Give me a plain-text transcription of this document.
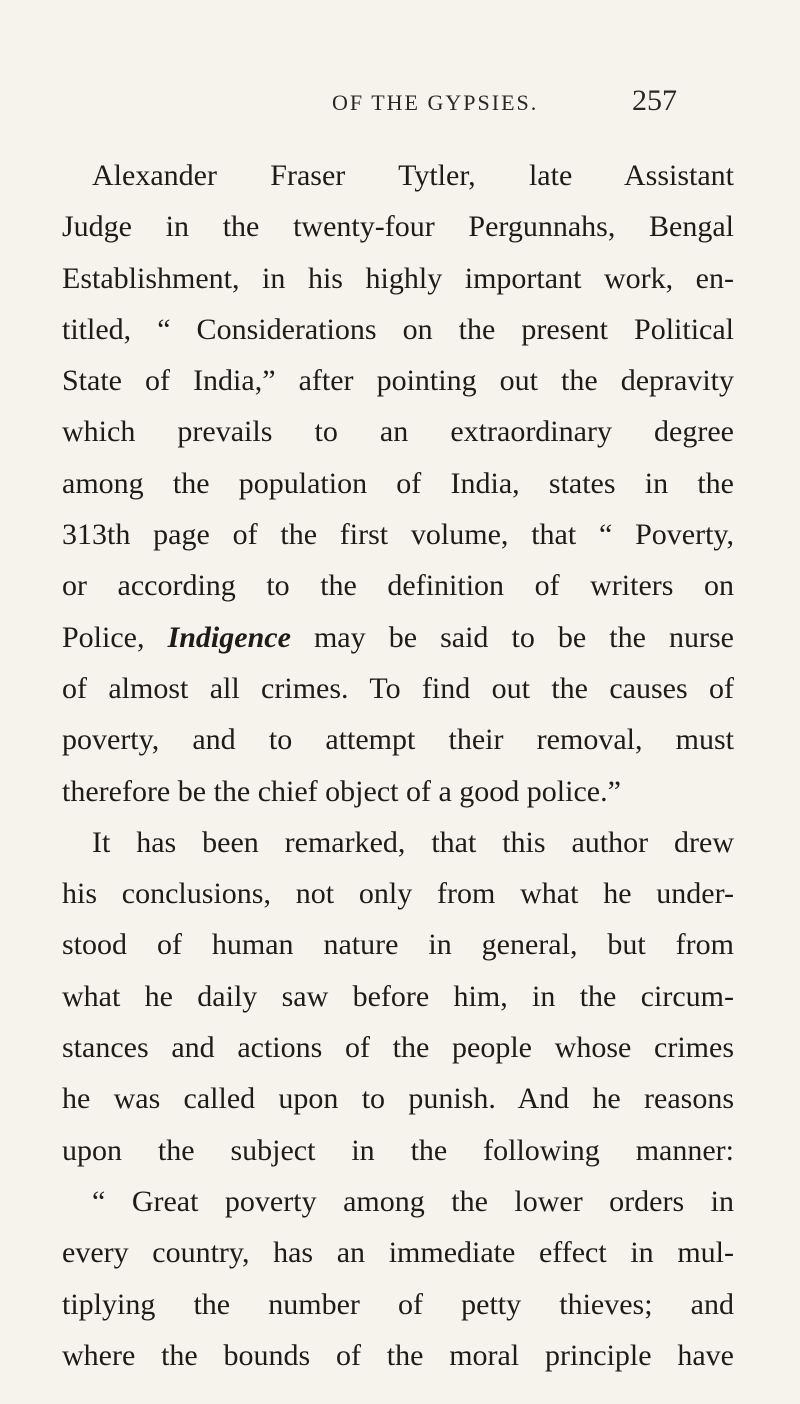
OF THE GYPSIES.	257
Alexander Fraser Tytler, late Assistant
Judge in the twenty-four Pergunnahs, Bengal
Establishment, in his highly important work, en-
titled, “ Considerations on the present Political
State of India,” after pointing out the depravity
which prevails to an extraordinary degree
among the population of India, states in the
313th page of the first volume, that “ Poverty,
or according to the definition of writers on
Police, Indigence may be said to be the nurse
of almost all crimes. To find out the causes of
poverty, and to attempt their removal, must
therefore be the chief object of a good police.”
It has been remarked, that this author drew
his conclusions, not only from what he under-
stood of human nature in general, but from
what he daily saw before him, in the circum-
stances and actions of the people whose crimes
he was called upon to punish. And he reasons
upon the subject in the following manner:
“ Great poverty among the lower orders in
every country, has an immediate effect in mul-
tiplying the number of petty thieves; and
where the bounds of the moral principle have
